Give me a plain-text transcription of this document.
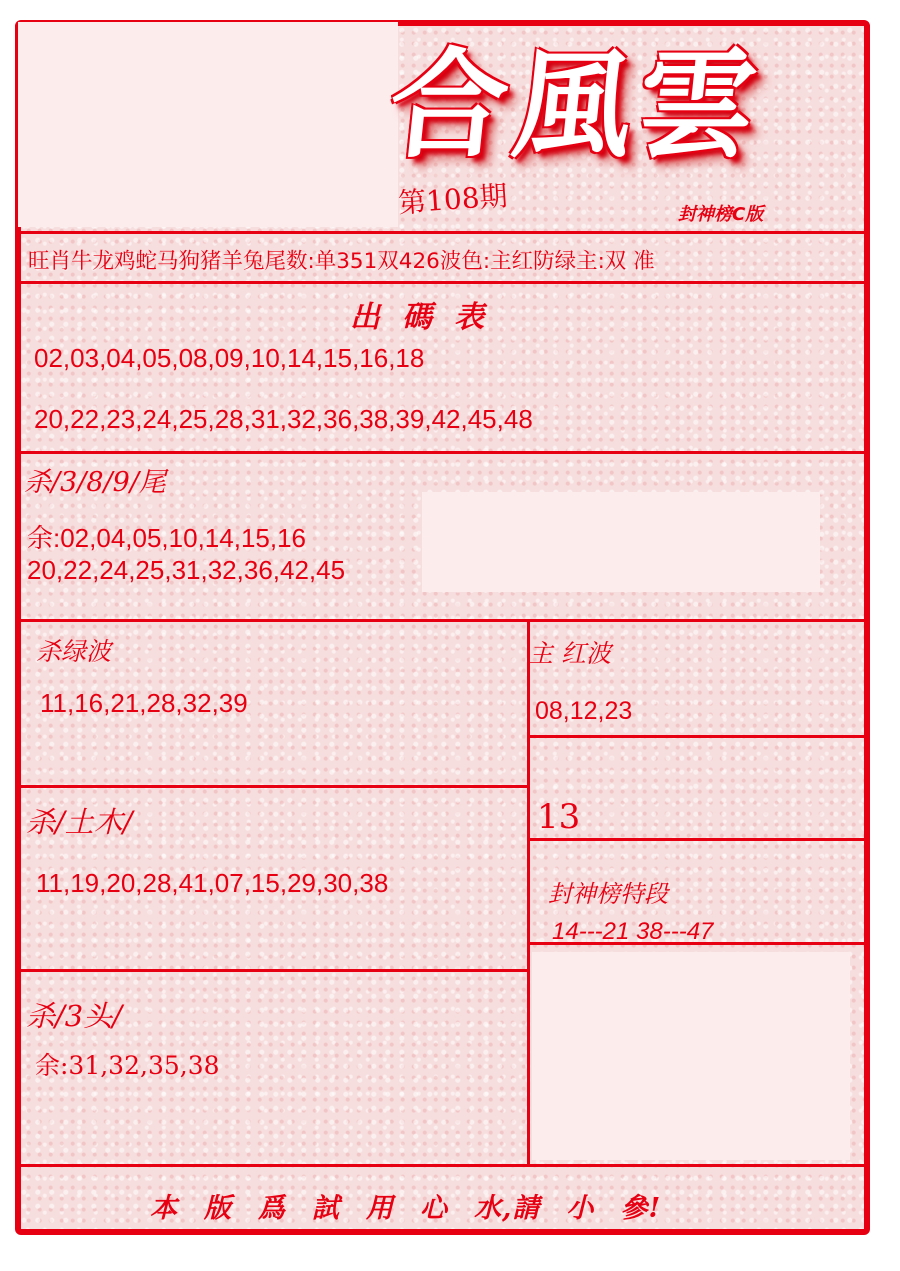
合風雲
第108期	封神榜C版
旺肖牛龙鸡蛇马狗猪羊兔尾数:单351双426波色:主红防绿主:双 准
出碼表
02,03,04,05,08,09,10,14,15,16,18
20,22,23,24,25,28,31,32,36,38,39,42,45,48
杀/3/8/9/尾
余:02,04,05,10,14,15,16
20,22,24,25,31,32,36,42,45
杀绿波
11,16,21,28,32,39
主 红波
08,12,23
13
杀/土木/
11,19,20,28,41,07,15,29,30,38	封神榜特段
14---21 38---47
杀/3头/
余:31,32,35,38
本 版 爲 試 用 心 水,請 小 參!
